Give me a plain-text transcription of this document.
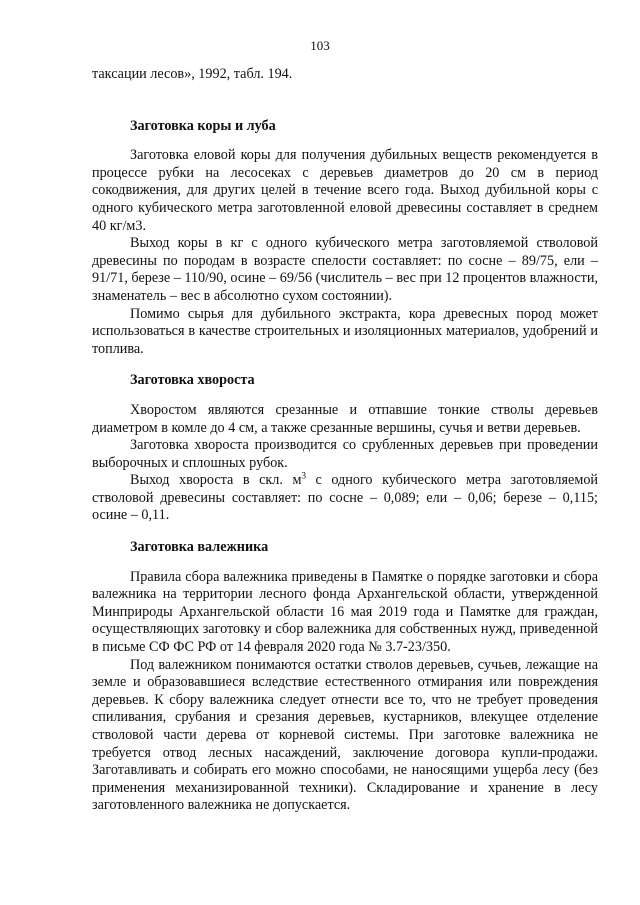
103

таксации лесов», 1992, табл. 194.

Заготовка коры и луба

Заготовка еловой коры для получения дубильных веществ рекомендуется в процессе рубки на лесосеках с деревьев диаметров до 20 см в период сокодвижения, для других целей в течение всего года. Выход дубильной коры с одного кубического метра заготовленной еловой древесины составляет в среднем 40 кг/м3.

Выход коры в кг с одного кубического метра заготовляемой стволовой древесины по породам в возрасте спелости составляет: по сосне – 89/75, ели – 91/71, березе – 110/90, осине – 69/56 (числитель – вес при 12 процентов влажности, знаменатель – вес в абсолютно сухом состоянии).

Помимо сырья для дубильного экстракта, кора древесных пород может использоваться в качестве строительных и изоляционных материалов, удобрений и топлива.

Заготовка хвороста

Хворостом являются срезанные и отпавшие тонкие стволы деревьев диаметром в комле до 4 см, а также срезанные вершины, сучья и ветви деревьев.

Заготовка хвороста производится со срубленных деревьев при проведении выборочных и сплошных рубок.

Выход хвороста в скл. $м^3$ с одного кубического метра заготовляемой стволовой древесины составляет: по сосне – 0,089; ели – 0,06; березе – 0,115; осине – 0,11.

Заготовка валежника

Правила сбора валежника приведены в Памятке о порядке заготовки и сбора валежника на территории лесного фонда Архангельской области, утвержденной Минприроды Архангельской области 16 мая 2019 года и Памятке для граждан, осуществляющих заготовку и сбор валежника для собственных нужд, приведенной в письме СФ ФС РФ от 14 февраля 2020 года № 3.7-23/350.

Под валежником понимаются остатки стволов деревьев, сучьев, лежащие на земле и образовавшиеся вследствие естественного отмирания или повреждения деревьев. К сбору валежника следует отнести все то, что не требует проведения спиливания, срубания и срезания деревьев, кустарников, влекущее отделение стволовой части дерева от корневой системы. При заготовке валежника не требуется отвод лесных насаждений, заключение договора купли-продажи. Заготавливать и собирать его можно способами, не наносящими ущерба лесу (без применения механизированной техники). Складирование и хранение в лесу заготовленного валежника не допускается.
